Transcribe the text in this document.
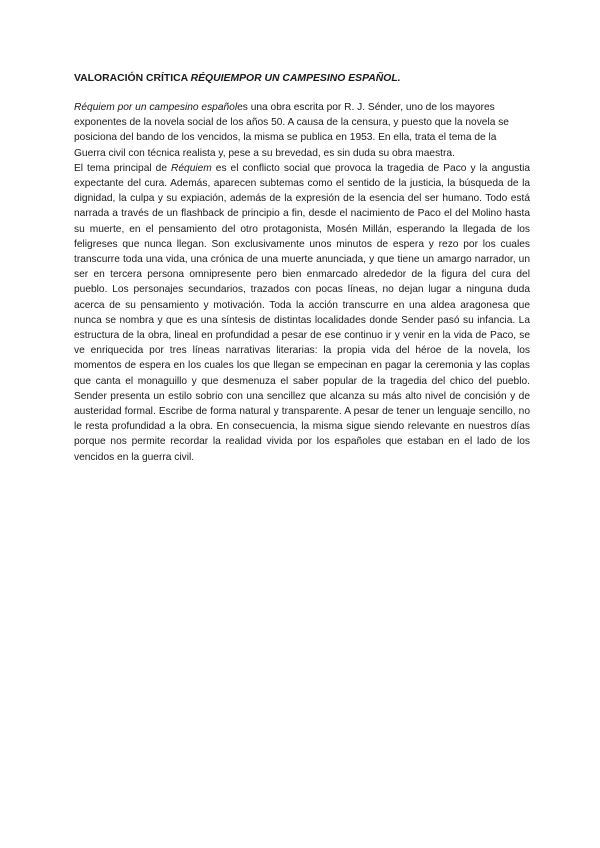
VALORACIÓN CRÍTICA RÉQUIEMPOR UN CAMPESINO ESPAÑOL.

Réquiem por un campesino españoles una obra escrita por R. J. Sénder, uno de los mayores exponentes de la novela social de los años 50. A causa de la censura, y puesto que la novela se posiciona del bando de los vencidos, la misma se publica en 1953. En ella, trata el tema de la Guerra civil con técnica realista y, pese a su brevedad, es sin duda su obra maestra.

El tema principal de Réquiem es el conflicto social que provoca la tragedia de Paco y la angustia expectante del cura. Además, aparecen subtemas como el sentido de la justicia, la búsqueda de la dignidad, la culpa y su expiación, además de la expresión de la esencia del ser humano. Todo está narrada a través de un flashback de principio a fin, desde el nacimiento de Paco el del Molino hasta su muerte, en el pensamiento del otro protagonista, Mosén Millán, esperando la llegada de los feligreses que nunca llegan. Son exclusivamente unos minutos de espera y rezo por los cuales transcurre toda una vida, una crónica de una muerte anunciada, y que tiene un amargo narrador, un ser en tercera persona omnipresente pero bien enmarcado alrededor de la figura del cura del pueblo. Los personajes secundarios, trazados con pocas líneas, no dejan lugar a ninguna duda acerca de su pensamiento y motivación. Toda la acción transcurre en una aldea aragonesa que nunca se nombra y que es una síntesis de distintas localidades donde Sender pasó su infancia. La estructura de la obra, lineal en profundidad a pesar de ese continuo ir y venir en la vida de Paco, se ve enriquecida por tres líneas narrativas literarias: la propia vida del héroe de la novela, los momentos de espera en los cuales los que llegan se empecinan en pagar la ceremonia y las coplas que canta el monaguillo y que desmenuza el saber popular de la tragedia del chico del pueblo. Sender presenta un estilo sobrio con una sencillez que alcanza su más alto nivel de concisión y de austeridad formal. Escribe de forma natural y transparente. A pesar de tener un lenguaje sencillo, no le resta profundidad a la obra. En consecuencia, la misma sigue siendo relevante en nuestros días porque nos permite recordar la realidad vivida por los españoles que estaban en el lado de los vencidos en la guerra civil.
